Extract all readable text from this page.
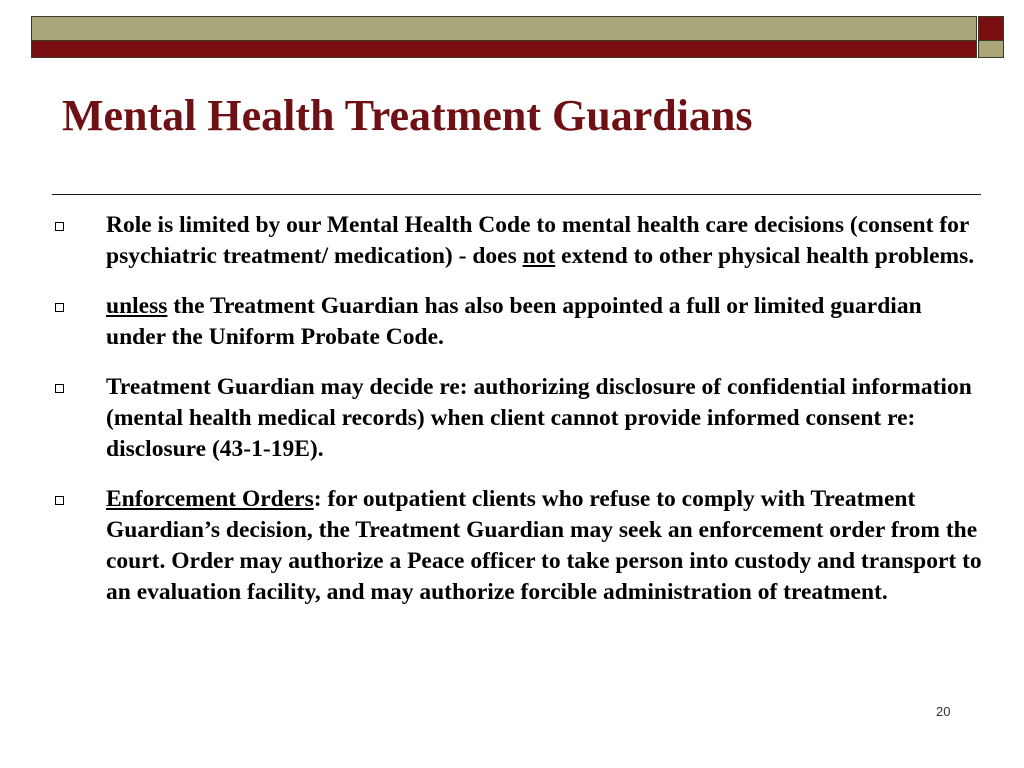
Mental Health Treatment Guardians
Role is limited by our Mental Health Code to mental health care decisions (consent for psychiatric treatment/ medication) - does not extend to other physical health problems.
unless the Treatment Guardian has also been appointed a full or limited guardian under the Uniform Probate Code.
Treatment Guardian may decide re: authorizing disclosure of confidential information (mental health medical records) when client cannot provide informed consent re: disclosure (43-1-19E).
Enforcement Orders: for outpatient clients who refuse to comply with Treatment Guardian’s decision, the Treatment Guardian may seek an enforcement order from the court. Order may authorize a Peace officer to take person into custody and transport to an evaluation facility, and may authorize forcible administration of treatment.
20
